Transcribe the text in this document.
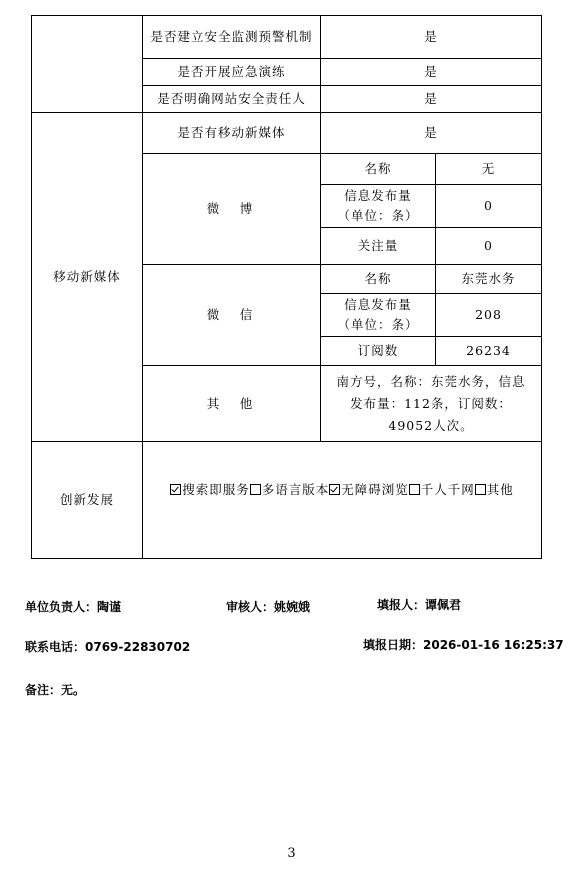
	是否建立安全监测预警机制	是	
	是否开展应急演练	是	
	是否明确网站安全责任人	是	
移动新媒体	是否有移动新媒体	是	
	微　博	名称	无
		信息发布量（单位：条）	0
		关注量	0
	微　信	名称	东莞水务
		信息发布量（单位：条）	208
		订阅数	26234
	其　他	南方号，名称：东莞水务，信息发布量：112条，订阅数：49052人次。	
创新发展	搜索即服务 多语言版本 无障碍浏览 千人千网 其他		
单位负责人：陶谨	审核人：姚婉娥	填报人：谭佩君
联系电话：0769-22830702	填报日期：2026-01-16 16:25:37
备注：无。
3
